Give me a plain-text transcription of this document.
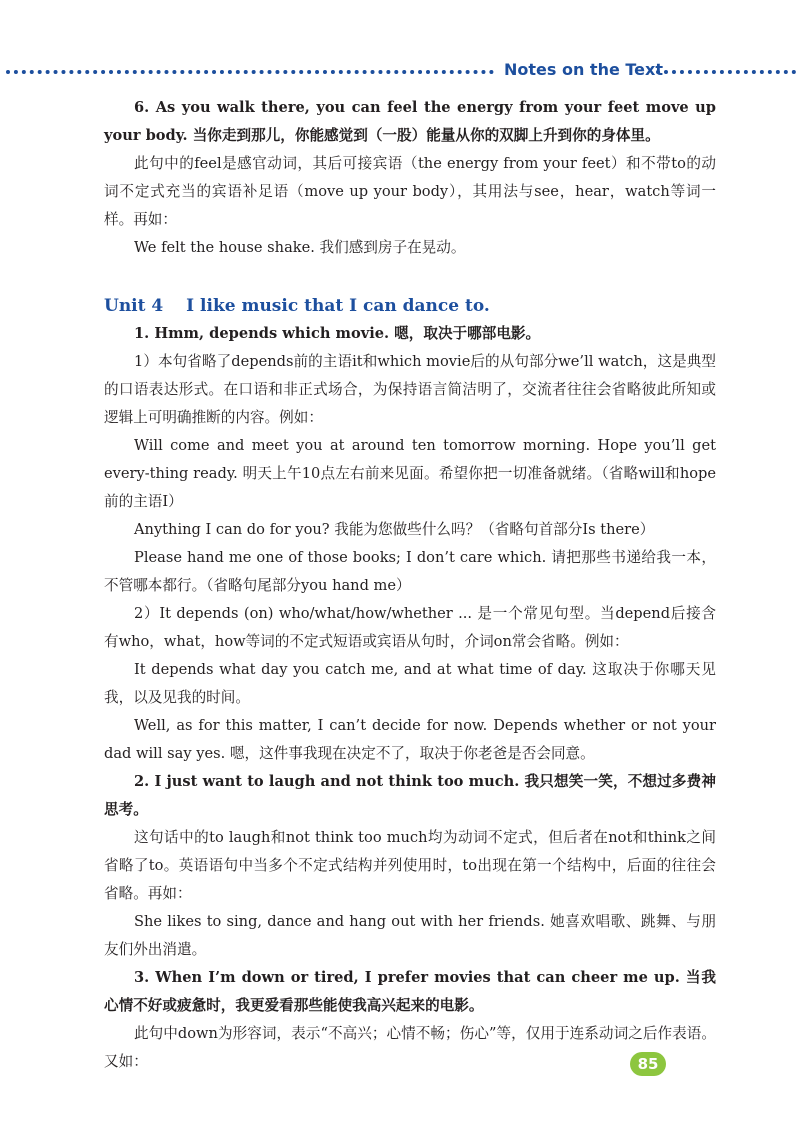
Notes on the Text

6. As you walk there, you can feel the energy from your feet move up your body. 当你走到那儿，你能感觉到（一股）能量从你的双脚上升到你的身体里。

此句中的feel是感官动词，其后可接宾语（the energy from your feet）和不带to的动词不定式充当的宾语补足语（move up your body），其用法与see，hear，watch等词一样。再如：

We felt the house shake. 我们感到房子在晃动。

Unit 4　 I like music that I can dance to.

1. Hmm, depends which movie. 嗯，取决于哪部电影。

1）本句省略了depends前的主语it和which movie后的从句部分we’ll watch，这是典型的口语表达形式。在口语和非正式场合，为保持语言简洁明了，交流者往往会省略彼此所知或逻辑上可明确推断的内容。例如：

Will come and meet you at around ten tomorrow morning. Hope you’ll get every-thing ready. 明天上午10点左右前来见面。希望你把一切准备就绪。（省略will和hope前的主语I）

Anything I can do for you? 我能为您做些什么吗？（省略句首部分Is there）

Please hand me one of those books; I don’t care which. 请把那些书递给我一本，不管哪本都行。（省略句尾部分you hand me）

2）It depends (on) who/what/how/whether ... 是一个常见句型。当depend后接含有who，what，how等词的不定式短语或宾语从句时，介词on常会省略。例如：

It depends what day you catch me, and at what time of day. 这取决于你哪天见我，以及见我的时间。

Well, as for this matter, I can’t decide for now. Depends whether or not your dad will say yes. 嗯，这件事我现在决定不了，取决于你老爸是否会同意。

2. I just want to laugh and not think too much. 我只想笑一笑，不想过多费神思考。

这句话中的to laugh和not think too much均为动词不定式，但后者在not和think之间省略了to。英语语句中当多个不定式结构并列使用时，to出现在第一个结构中，后面的往往会省略。再如：

She likes to sing, dance and hang out with her friends. 她喜欢唱歌、跳舞、与朋友们外出消遣。

3. When I’m down or tired, I prefer movies that can cheer me up. 当我心情不好或疲惫时，我更爱看那些能使我高兴起来的电影。

此句中down为形容词，表示“不高兴；心情不畅；伤心”等，仅用于连系动词之后作表语。又如：	85
